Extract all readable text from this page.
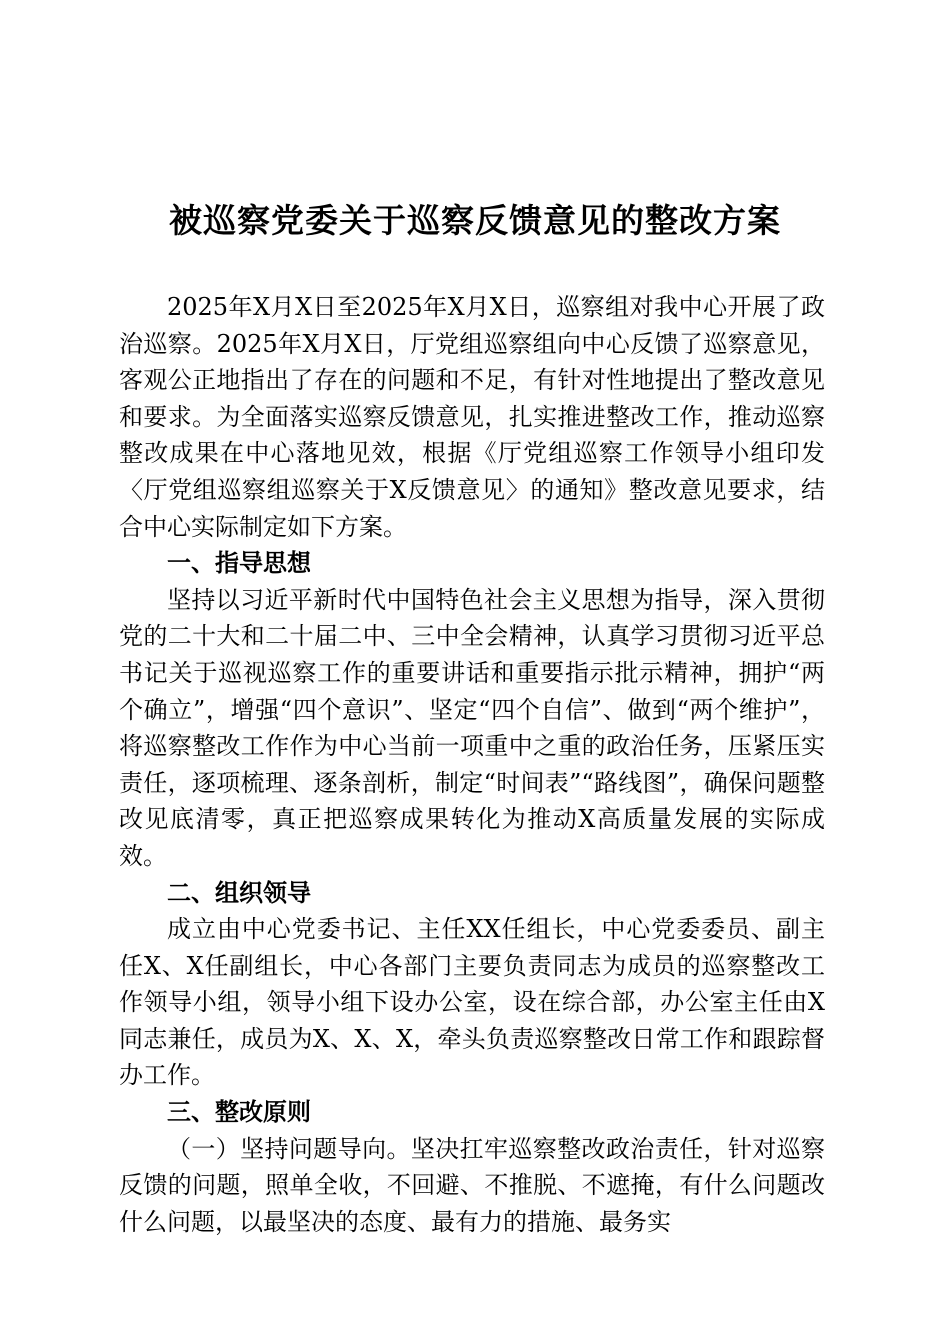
被巡察党委关于巡察反馈意见的整改方案

2025年X月X日至2025年X月X日，巡察组对我中心开展了政治巡察。2025年X月X日，厅党组巡察组向中心反馈了巡察意见，客观公正地指出了存在的问题和不足，有针对性地提出了整改意见和要求。为全面落实巡察反馈意见，扎实推进整改工作，推动巡察整改成果在中心落地见效，根据《厅党组巡察工作领导小组印发〈厅党组巡察组巡察关于X反馈意见〉的通知》整改意见要求，结合中心实际制定如下方案。

一、指导思想

坚持以习近平新时代中国特色社会主义思想为指导，深入贯彻党的二十大和二十届二中、三中全会精神，认真学习贯彻习近平总书记关于巡视巡察工作的重要讲话和重要指示批示精神，拥护“两个确立”，增强“四个意识”、坚定“四个自信”、做到“两个维护”，将巡察整改工作作为中心当前一项重中之重的政治任务，压紧压实责任，逐项梳理、逐条剖析，制定“时间表”“路线图”，确保问题整改见底清零，真正把巡察成果转化为推动X高质量发展的实际成效。

二、组织领导

成立由中心党委书记、主任XX任组长，中心党委委员、副主任X、X任副组长，中心各部门主要负责同志为成员的巡察整改工作领导小组，领导小组下设办公室，设在综合部，办公室主任由X同志兼任，成员为X、X、X，牵头负责巡察整改日常工作和跟踪督办工作。

三、整改原则

（一）坚持问题导向。坚决扛牢巡察整改政治责任，针对巡察反馈的问题，照单全收，不回避、不推脱、不遮掩，有什么问题改什么问题，以最坚决的态度、最有力的措施、最务实
